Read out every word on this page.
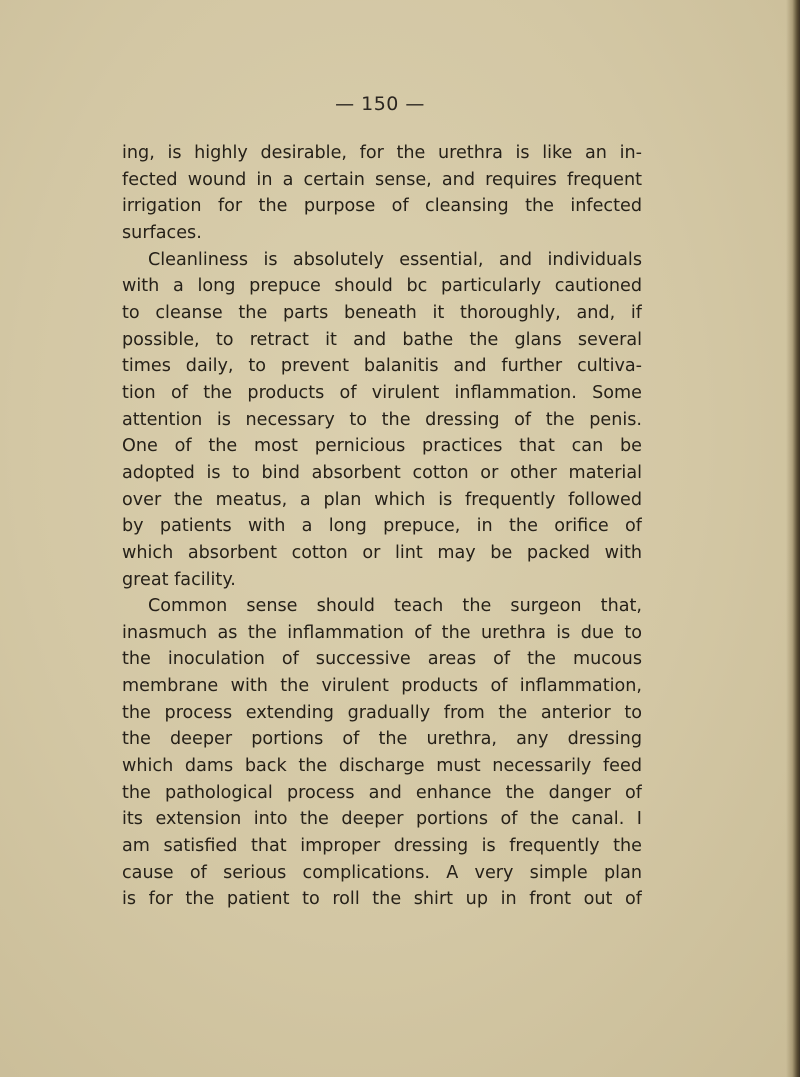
— 150 —
ing, is highly desirable, for the urethra is like an in-
fected wound in a certain sense, and requires frequent
irrigation for the purpose of cleansing the infected
surfaces.
Cleanliness is absolutely essential, and individuals
with a long prepuce should bc particularly cautioned
to cleanse the parts beneath it thoroughly, and, if
possible, to retract it and bathe the glans several
times daily, to prevent balanitis and further cultiva-
tion of the products of virulent inflammation. Some
attention is necessary to the dressing of the penis.
One of the most pernicious practices that can be
adopted is to bind absorbent cotton or other material
over the meatus, a plan which is frequently followed
by patients with a long prepuce, in the orifice of
which absorbent cotton or lint may be packed with
great facility.
Common sense should teach the surgeon that,
inasmuch as the inflammation of the urethra is due to
the inoculation of successive areas of the mucous
membrane with the virulent products of inflammation,
the process extending gradually from the anterior to
the deeper portions of the urethra, any dressing
which dams back the discharge must necessarily feed
the pathological process and enhance the danger of
its extension into the deeper portions of the canal. I
am satisfied that improper dressing is frequently the
cause of serious complications. A very simple plan
is for the patient to roll the shirt up in front out of
